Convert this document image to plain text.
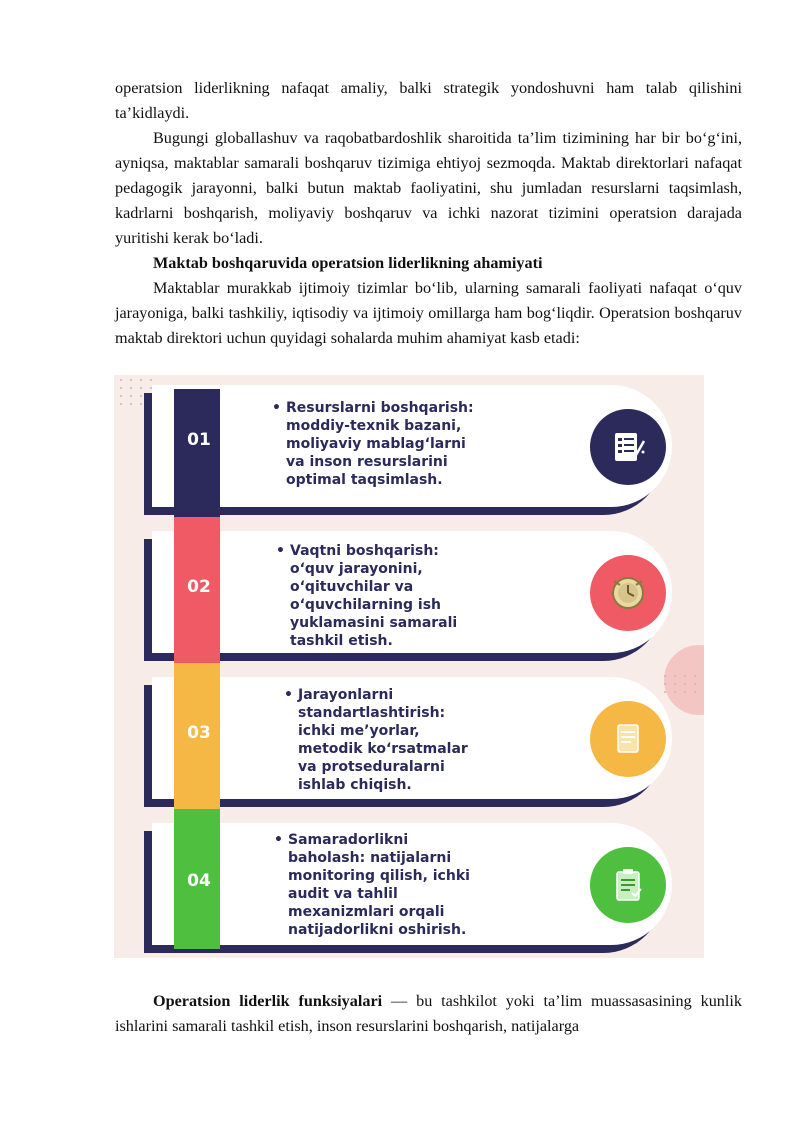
operatsion liderlikning nafaqat amaliy, balki strategik yondoshuvni ham talab qilishini ta’kidlaydi.
Bugungi globallashuv va raqobatbardoshlik sharoitida ta’lim tizimining har bir bo‘g‘ini, ayniqsa, maktablar samarali boshqaruv tizimiga ehtiyoj sezmoqda. Maktab direktorlari nafaqat pedagogik jarayonni, balki butun maktab faoliyatini, shu jumladan resurslarni taqsimlash, kadrlarni boshqarish, moliyaviy boshqaruv va ichki nazorat tizimini operatsion darajada yuritishi kerak bo‘ladi.
Maktab boshqaruvida operatsion liderlikning ahamiyati
Maktablar murakkab ijtimoiy tizimlar bo‘lib, ularning samarali faoliyati nafaqat o‘quv jarayoniga, balki tashkiliy, iqtisodiy va ijtimoiy omillarga ham bog‘liqdir. Operatsion boshqaruv maktab direktori uchun quyidagi sohalarda muhim ahamiyat kasb etadi:
01
02
03
04
• Resurslarni boshqarish:
moddiy-texnik bazani,
moliyaviy mablag‘larni
va inson resurslarini
optimal taqsimlash.
• Vaqtni boshqarish:
o‘quv jarayonini,
o‘qituvchilar va
o‘quvchilarning ish
yuklamasini samarali
tashkil etish.
• Jarayonlarni
standartlashtirish:
ichki me’yorlar,
metodik ko‘rsatmalar
va protseduralarni
ishlab chiqish.
• Samaradorlikni
baholash: natijalarni
monitoring qilish, ichki
audit va tahlil
mexanizmlari orqali
natijadorlikni oshirish.
Operatsion liderlik funksiyalari — bu tashkilot yoki ta’lim muassasasining kunlik ishlarini samarali tashkil etish, inson resurslarini boshqarish, natijalarga
